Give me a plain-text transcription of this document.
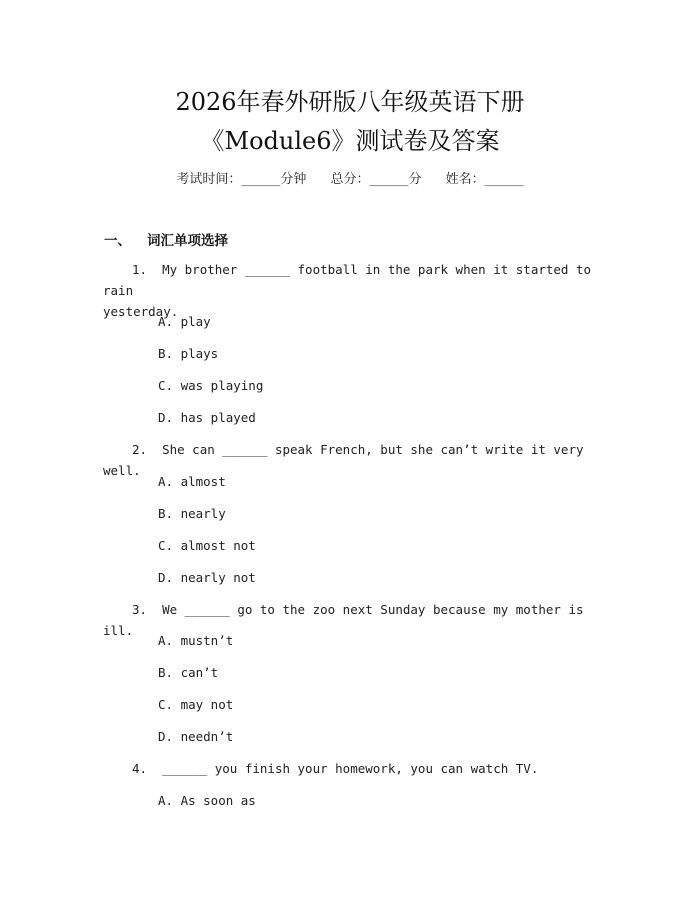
2026年春外研版八年级英语下册
《Module6》测试卷及答案
考试时间：______分钟 总分：______分 姓名：______
一、 词汇单项选择
1. My brother ______ football in the park when it started to rain
yesterday.
A. play
B. plays
C. was playing
D. has played
2. She can ______ speak French, but she can’t write it very well.
A. almost
B. nearly
C. almost not
D. nearly not
3. We ______ go to the zoo next Sunday because my mother is ill.
A. mustn’t
B. can’t
C. may not
D. needn’t
4. ______ you finish your homework, you can watch TV.
A. As soon as
